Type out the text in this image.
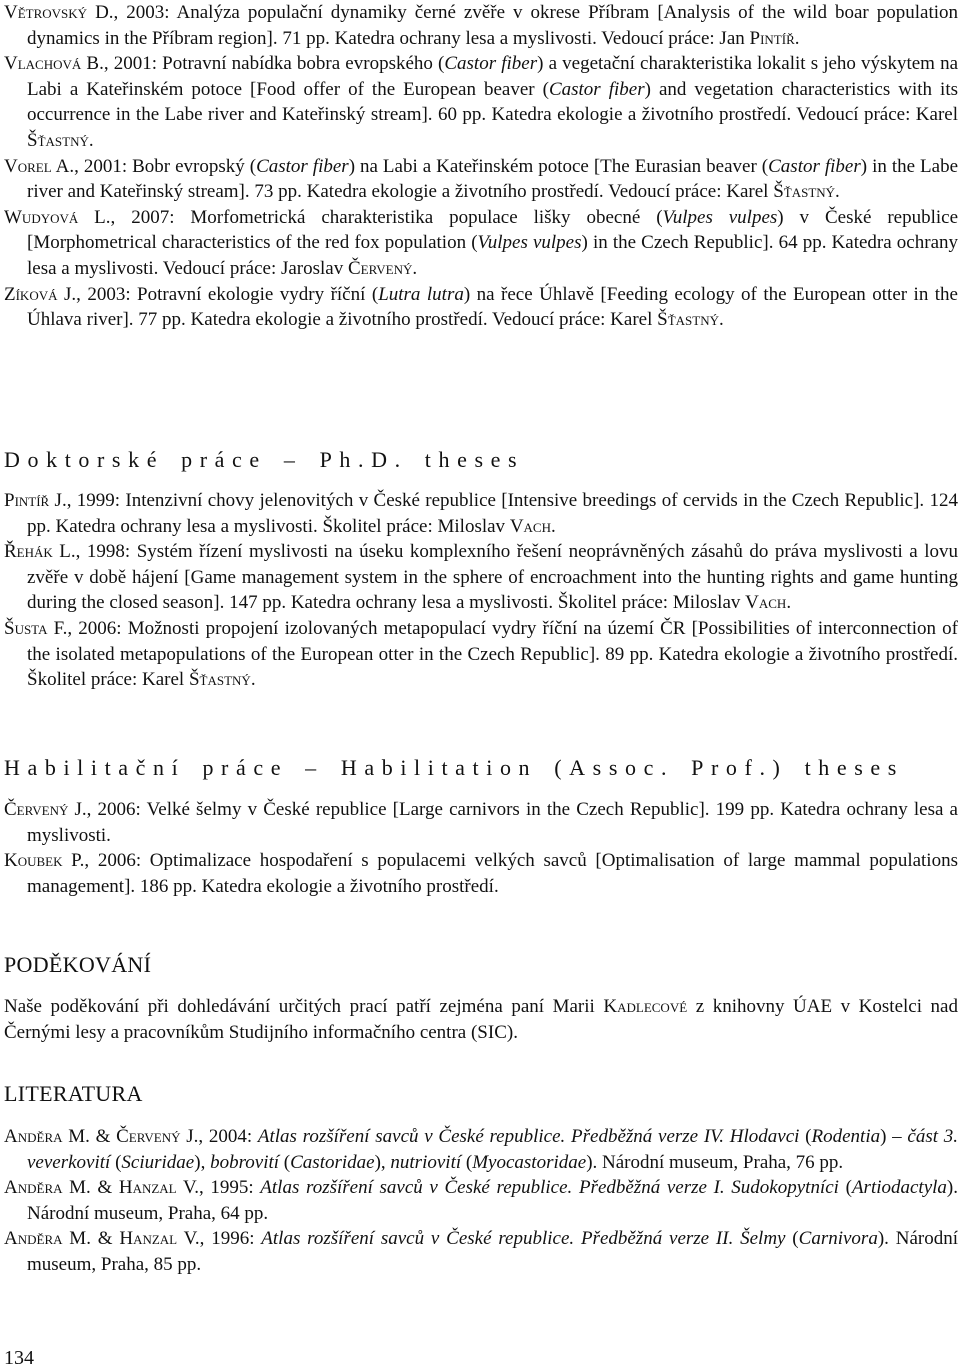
Větrovský D., 2003: Analýza populační dynamiky černé zvěře v okrese Příbram [Analysis of the wild boar population dynamics in the Příbram region]. 71 pp. Katedra ochrany lesa a myslivosti. Vedoucí práce: Jan Pintíř.
Vlachová B., 2001: Potravní nabídka bobra evropského (Castor fiber) a vegetační charakteristika lokalit s jeho výskytem na Labi a Kateřinském potoce [Food offer of the European beaver (Castor fiber) and vegetation characteristics with its occurrence in the Labe river and Kateřinský stream]. 60 pp. Katedra ekologie a životního prostředí. Vedoucí práce: Karel Šťastný.
Vorel A., 2001: Bobr evropský (Castor fiber) na Labi a Kateřinském potoce [The Eurasian beaver (Castor fiber) in the Labe river and Kateřinský stream]. 73 pp. Katedra ekologie a životního prostředí. Vedoucí práce: Karel Šťastný.
Wudyová L., 2007: Morfometrická charakteristika populace lišky obecné (Vulpes vulpes) v České republice [Morphometrical characteristics of the red fox population (Vulpes vulpes) in the Czech Republic]. 64 pp. Katedra ochrany lesa a myslivosti. Vedoucí práce: Jaroslav Červený.
Zíková J., 2003: Potravní ekologie vydry říční (Lutra lutra) na řece Úhlavě [Feeding ecology of the European otter in the Úhlava river]. 77 pp. Katedra ekologie a životního prostředí. Vedoucí práce: Karel Šťastný.
Doktorské práce – Ph.D. theses
Pintíř J., 1999: Intenzivní chovy jelenovitých v České republice [Intensive breedings of cervids in the Czech Republic]. 124 pp. Katedra ochrany lesa a myslivosti. Školitel práce: Miloslav Vach.
Řehák L., 1998: Systém řízení myslivosti na úseku komplexního řešení neoprávněných zásahů do práva myslivosti a lovu zvěře v době hájení [Game management system in the sphere of encroachment into the hunting rights and game hunting during the closed season]. 147 pp. Katedra ochrany lesa a myslivosti. Školitel práce: Miloslav Vach.
Šusta F., 2006: Možnosti propojení izolovaných metapopulací vydry říční na území ČR [Possibilities of interconnection of the isolated metapopulations of the European otter in the Czech Republic]. 89 pp. Katedra ekologie a životního prostředí. Školitel práce: Karel Šťastný.
Habilitační práce – Habilitation (Assoc. Prof.) theses
Červený J., 2006: Velké šelmy v České republice [Large carnivors in the Czech Republic]. 199 pp. Katedra ochrany lesa a myslivosti.
Koubek P., 2006: Optimalizace hospodaření s populacemi velkých savců [Optimalisation of large mammal populations management]. 186 pp. Katedra ekologie a životního prostředí.
PODĚKOVÁNÍ
Naše poděkování při dohledávání určitých prací patří zejména paní Marii Kadlecové z knihovny ÚAE v Kostelci nad Černými lesy a pracovníkům Studijního informačního centra (SIC).
LITERATURA
Anděra M. & Červený J., 2004: Atlas rozšíření savců v České republice. Předběžná verze IV. Hlodavci (Rodentia) – část 3. veverkovití (Sciuridae), bobrovití (Castoridae), nutriovití (Myocastoridae). Národní museum, Praha, 76 pp.
Anděra M. & Hanzal V., 1995: Atlas rozšíření savců v České republice. Předběžná verze I. Sudokopytníci (Artiodactyla). Národní museum, Praha, 64 pp.
Anděra M. & Hanzal V., 1996: Atlas rozšíření savců v České republice. Předběžná verze II. Šelmy (Carnivora). Národní museum, Praha, 85 pp.
134
